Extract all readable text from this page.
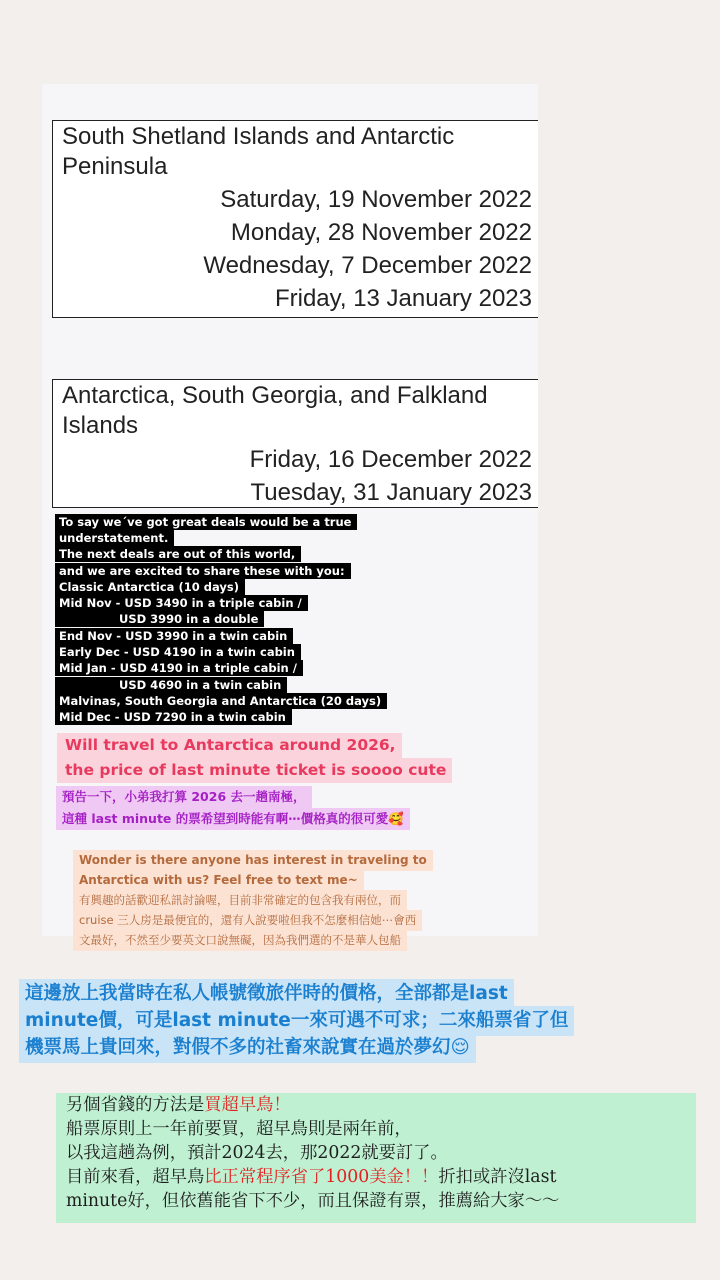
South Shetland Islands and Antarctic Peninsula
Saturday, 19 November 2022
Monday, 28 November 2022
Wednesday, 7 December 2022
Friday, 13 January 2023
Antarctica, South Georgia, and Falkland Islands
Friday, 16 December 2022
Tuesday, 31 January 2023
To say we´ve got great deals would be a true
understatement.
The next deals are out of this world,
and we are excited to share these with you:
Classic Antarctica (10 days)
Mid Nov - USD 3490 in a triple cabin /
USD 3990 in a double
End Nov - USD 3990 in a twin cabin
Early Dec - USD 4190 in a twin cabin
Mid Jan - USD 4190 in a triple cabin /
USD 4690 in a twin cabin
Malvinas, South Georgia and Antarctica (20 days)
Mid Dec - USD 7290 in a twin cabin
Will travel to Antarctica around 2026,
the price of last minute ticket is soooo cute
預告一下，小弟我打算 2026 去一趟南極，
這種 last minute 的票希望到時能有啊⋯價格真的很可愛🥰
Wonder is there anyone has interest in traveling to
Antarctica with us? Feel free to text me~
有興趣的話歡迎私訊討論喔，目前非常確定的包含我有兩位，而
cruise 三人房是最便宜的，還有人說要啦但我不怎麼相信她⋯會西
文最好，不然至少要英文口說無礙，因為我們選的不是華人包船
這邊放上我當時在私人帳號徵旅伴時的價格，全部都是last
minute價，可是last minute一來可遇不可求；二來船票省了但
機票馬上貴回來，對假不多的社畜來說實在過於夢幻😌
另個省錢的方法是買超早鳥！
船票原則上一年前要買，超早鳥則是兩年前，
以我這趟為例，預計2024去，那2022就要訂了。
目前來看，超早鳥比正常程序省了1000美金！！折扣或許沒last
minute好，但依舊能省下不少，而且保證有票，推薦給大家～～
